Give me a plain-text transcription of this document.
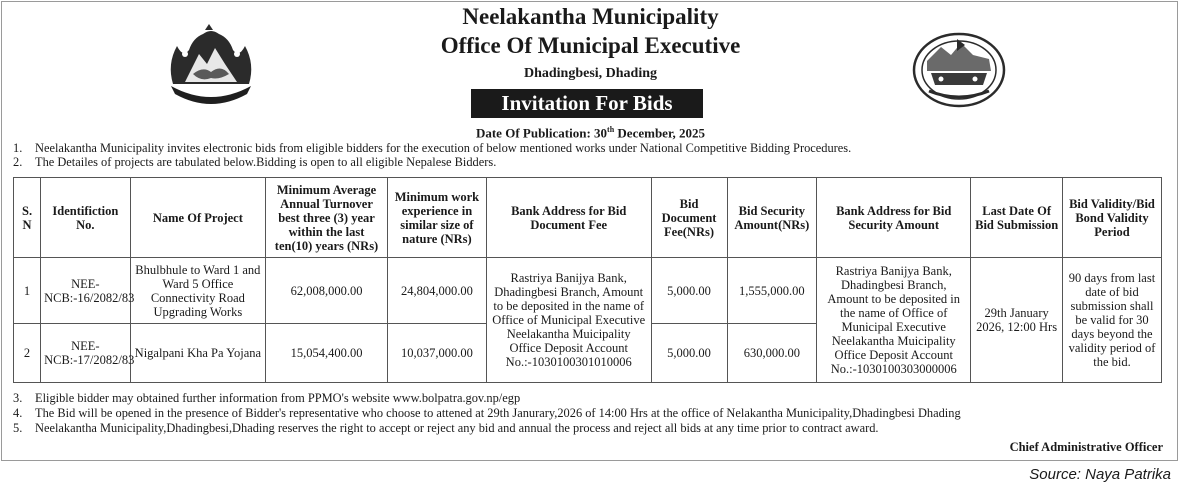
Neelakantha Municipality
Office Of Municipal Executive
Dhadingbesi, Dhading
Invitation For Bids
Date Of Publication: 30th December, 2025
1. Neelakantha Municipality invites electronic bids from eligible bidders for the execution of below mentioned works under National Competitive Bidding Procedures.
2. The Detailes of projects are tabulated below.Bidding is open to all eligible Nepalese Bidders.
S. N	Identifiction No.	Name Of Project	Minimum Average Annual Turnover best three (3) year within the last ten(10) years (NRs)	Minimum work experience in similar size of nature (NRs)	Bank Address for Bid Document Fee	Bid Document Fee(NRs)	Bid Security Amount(NRs)	Bank Address for Bid Security Amount	Last Date Of Bid Submission	Bid Validity/Bid Bond Validity Period
1	NEE-NCB:-16/2082/83	Bhulbhule to Ward 1 and Ward 5 Office Connectivity Road Upgrading Works	62,008,000.00	24,804,000.00	Rastriya Banijya Bank, Dhadingbesi Branch, Amount to be deposited in the name of Office of Municipal Executive Neelakantha Muicipality Office Deposit Account No.:-1030100301010006	5,000.00	1,555,000.00	Rastriya Banijya Bank, Dhadingbesi Branch, Amount to be deposited in the name of Office of Municipal Executive Neelakantha Muicipality Office Deposit Account No.:-1030100303000006	29th January 2026, 12:00 Hrs	90 days from last date of bid submission shall be valid for 30 days beyond the validity period of the bid.
2	NEE-NCB:-17/2082/83	Nigalpani Kha Pa Yojana	15,054,400.00	10,037,000.00		5,000.00	630,000.00			
3. Eligible bidder may obtained further information from PPMO's website www.bolpatra.gov.np/egp
4. The Bid will be opened in the presence of Bidder's representative who choose to attened at 29th Janurary,2026 of 14:00 Hrs at the office of Nelakantha Municipality,Dhadingbesi Dhading
5. Neelakantha Municipality,Dhadingbesi,Dhading reserves the right to accept or reject any bid and annual the process and reject all bids at any time prior to contract award.
Chief Administrative Officer
Source: Naya Patrika
